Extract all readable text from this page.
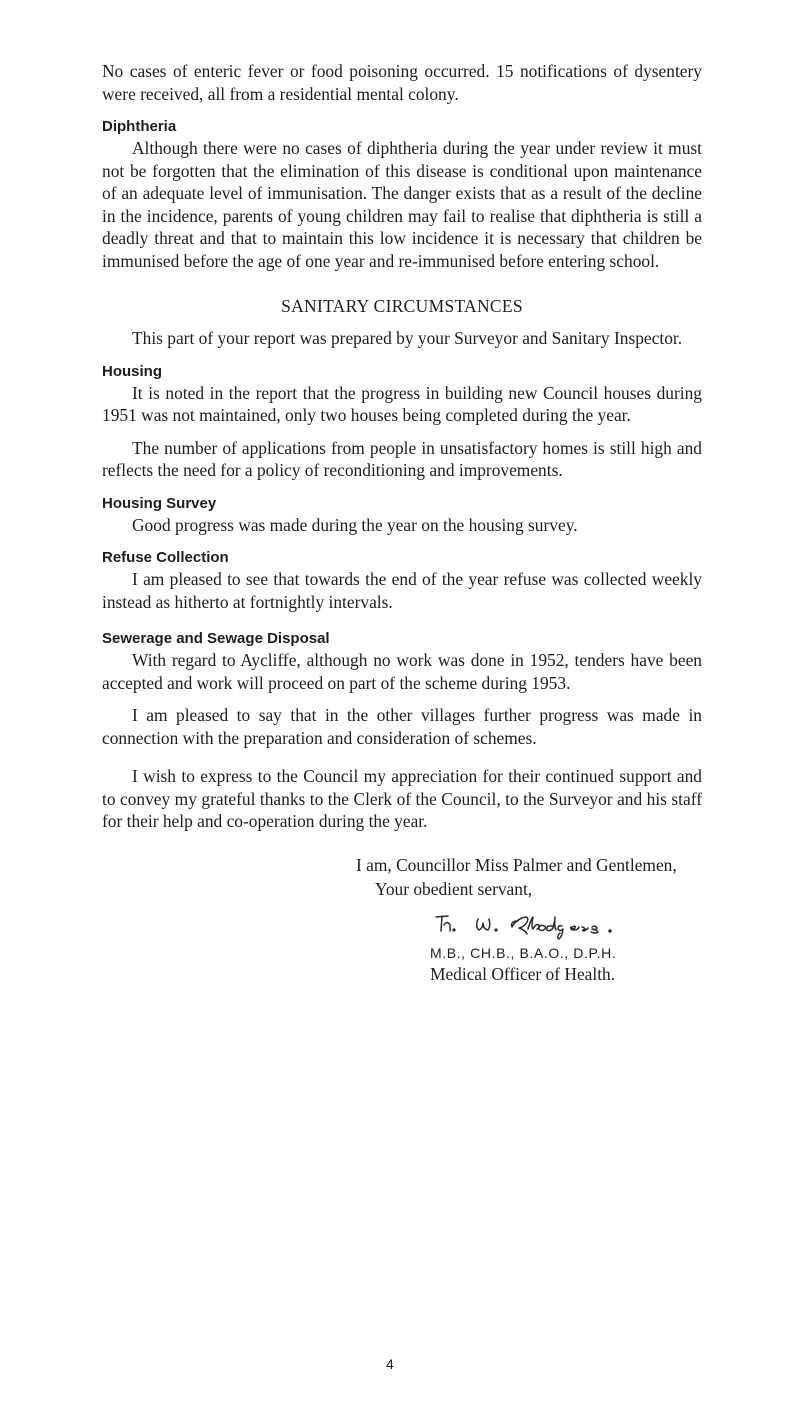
No cases of enteric fever or food poisoning occurred. 15 notifications of dysentery were received, all from a residential mental colony.

Diphtheria

Although there were no cases of diphtheria during the year under review it must not be forgotten that the elimination of this disease is conditional upon maintenance of an adequate level of immunisation. The danger exists that as a result of the decline in the incidence, parents of young children may fail to realise that diphtheria is still a deadly threat and that to maintain this low incidence it is necessary that children be immunised before the age of one year and re-immunised before entering school.

SANITARY CIRCUMSTANCES

This part of your report was prepared by your Surveyor and Sanitary Inspector.

Housing

It is noted in the report that the progress in building new Council houses during 1951 was not maintained, only two houses being completed during the year.

The number of applications from people in unsatisfactory homes is still high and reflects the need for a policy of reconditioning and improvements.

Housing Survey

Good progress was made during the year on the housing survey.

Refuse Collection

I am pleased to see that towards the end of the year refuse was collected weekly instead as hitherto at fortnightly intervals.

Sewerage and Sewage Disposal

With regard to Aycliffe, although no work was done in 1952, tenders have been accepted and work will proceed on part of the scheme during 1953.

I am pleased to say that in the other villages further progress was made in connection with the preparation and consideration of schemes.

I wish to express to the Council my appreciation for their continued support and to convey my grateful thanks to the Clerk of the Council, to the Surveyor and his staff for their help and co-operation during the year.

I am, Councillor Miss Palmer and Gentlemen,
Your obedient servant,
M.B., CH.B., B.A.O., D.P.H.
Medical Officer of Health.
4
